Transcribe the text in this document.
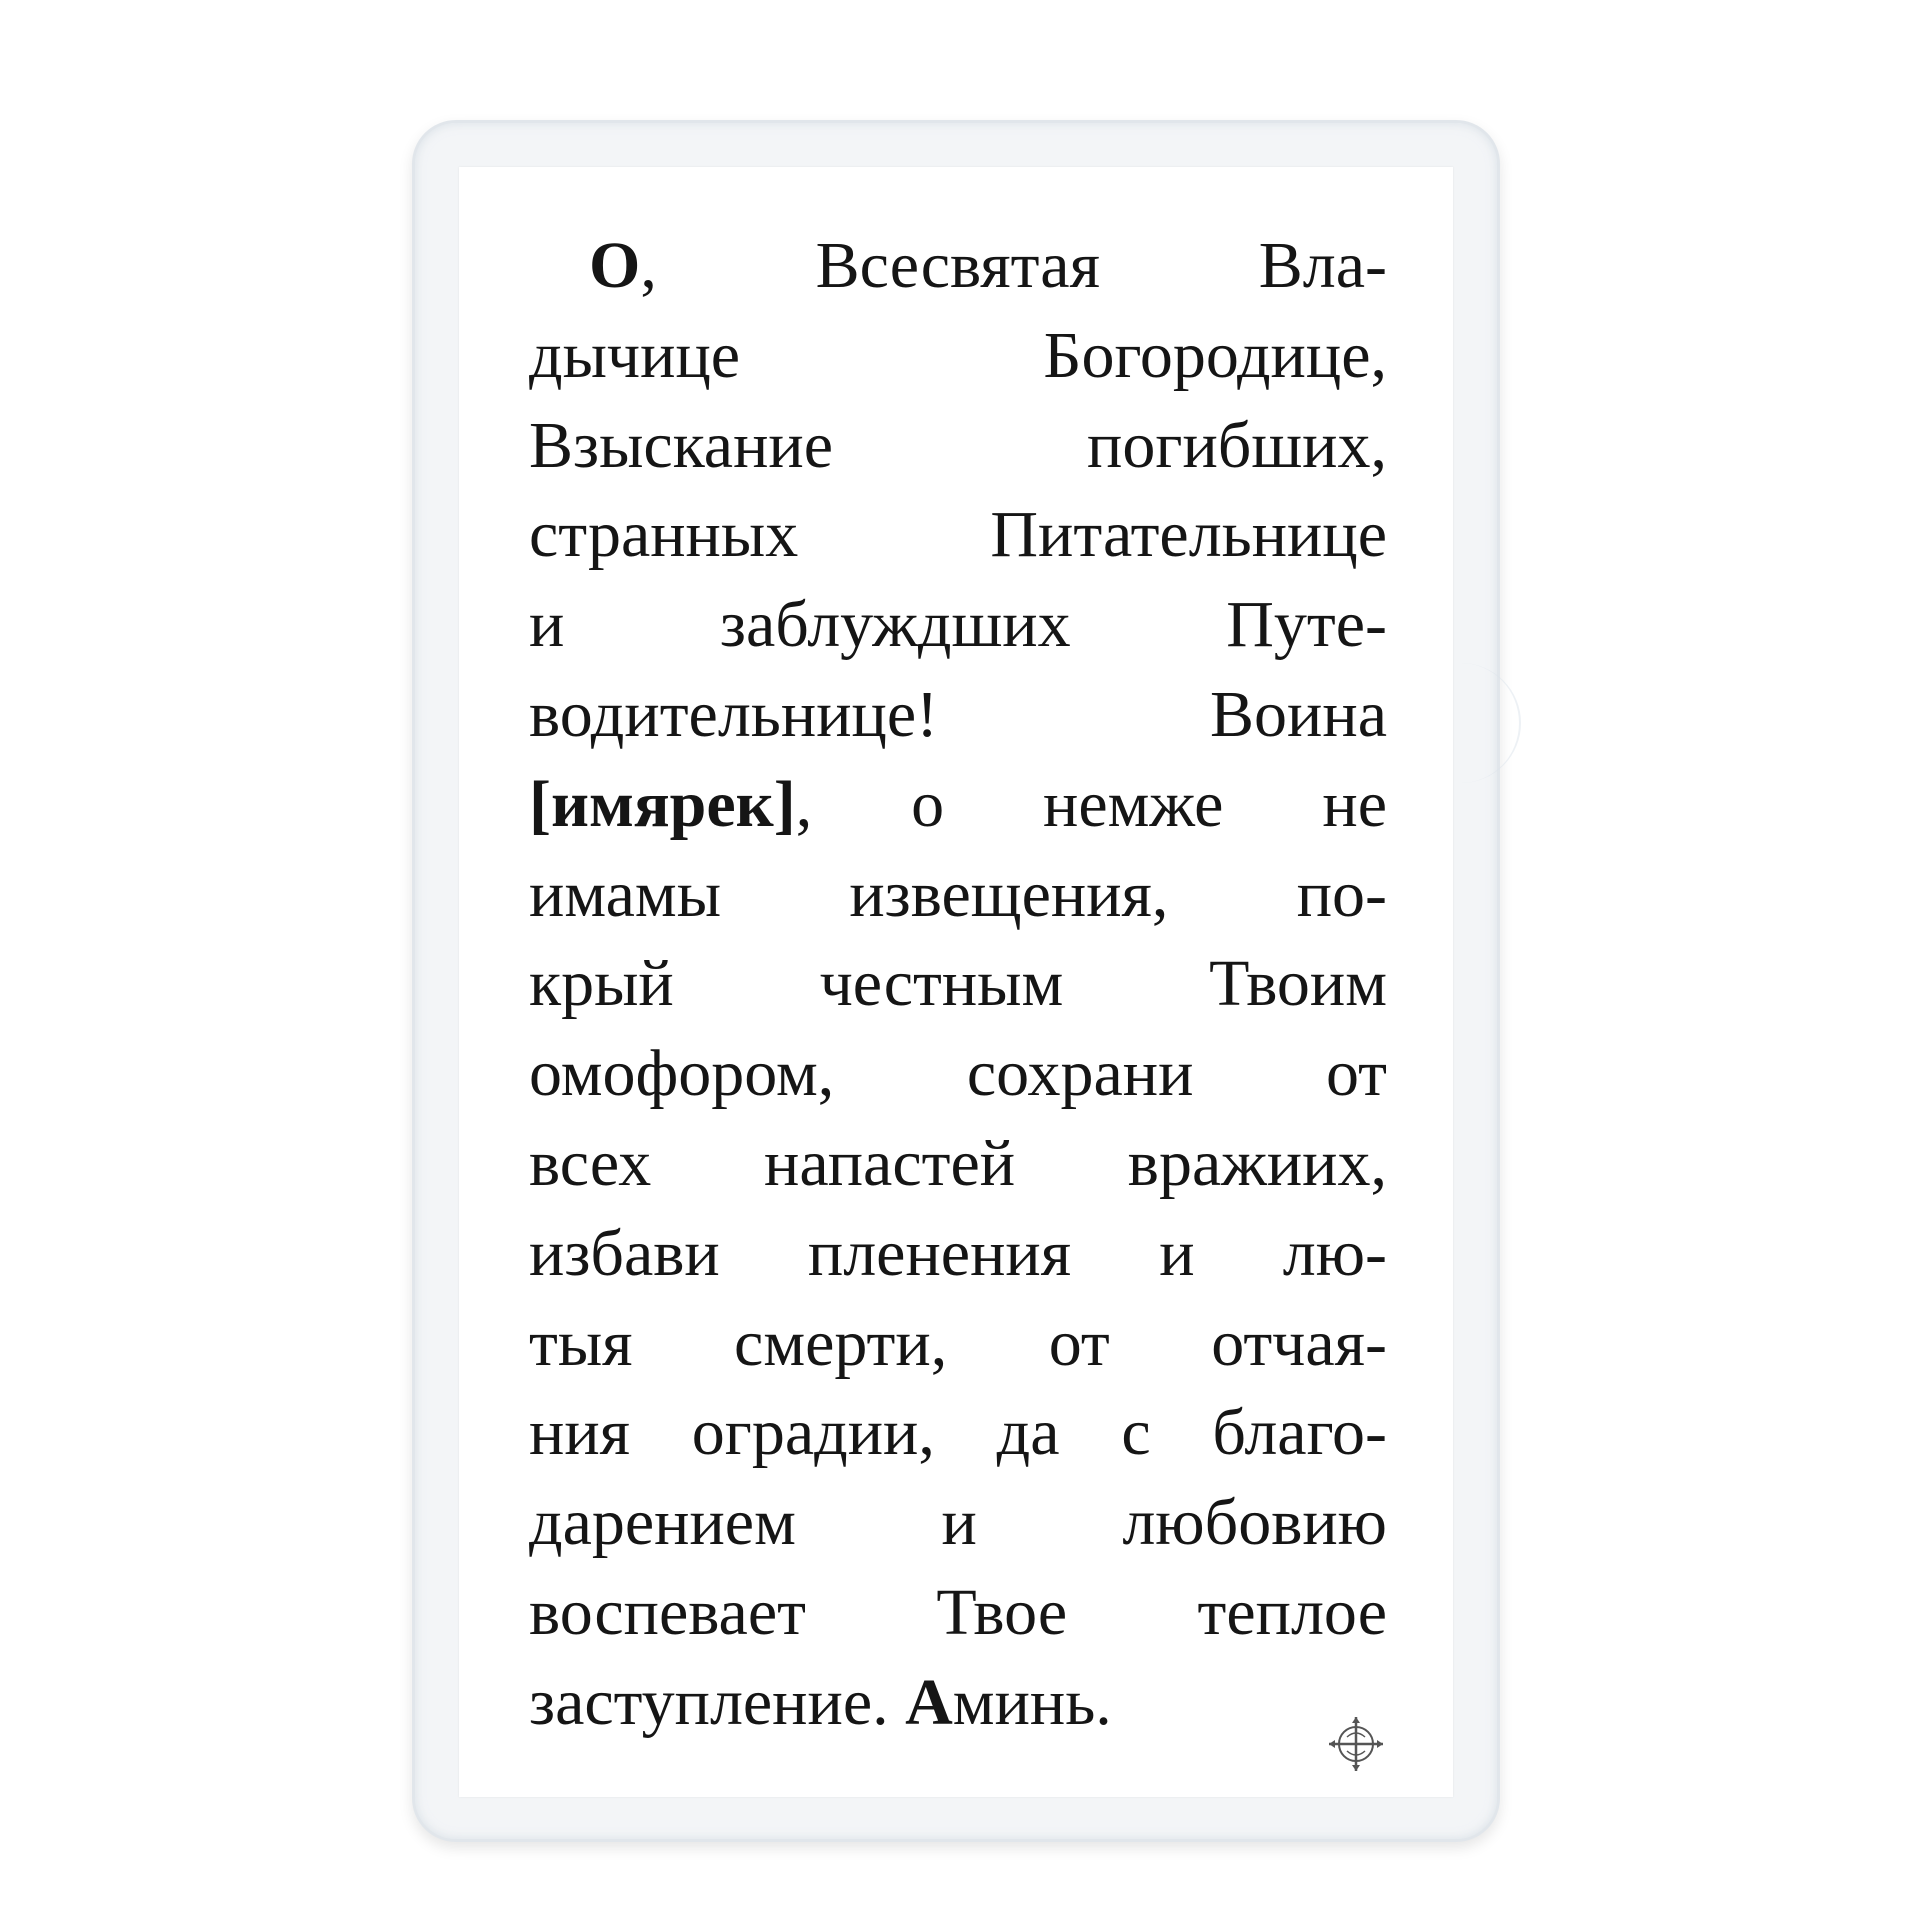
О, Всесвятая Вла-
дычице Богородице,
Взыскание погибших,
странных Питательнице
и заблуждших Путе-
водительнице! Воина
[имярек], о немже не
имамы извещения, по-
крый честным Твоим
омофором, сохрани от
всех напастей вражиих,
избави пленения и лю-
тыя смерти, от отчая-
ния оградии, да с благо-
дарением и любовию
воспевает Твое теплое
заступление. Аминь.
